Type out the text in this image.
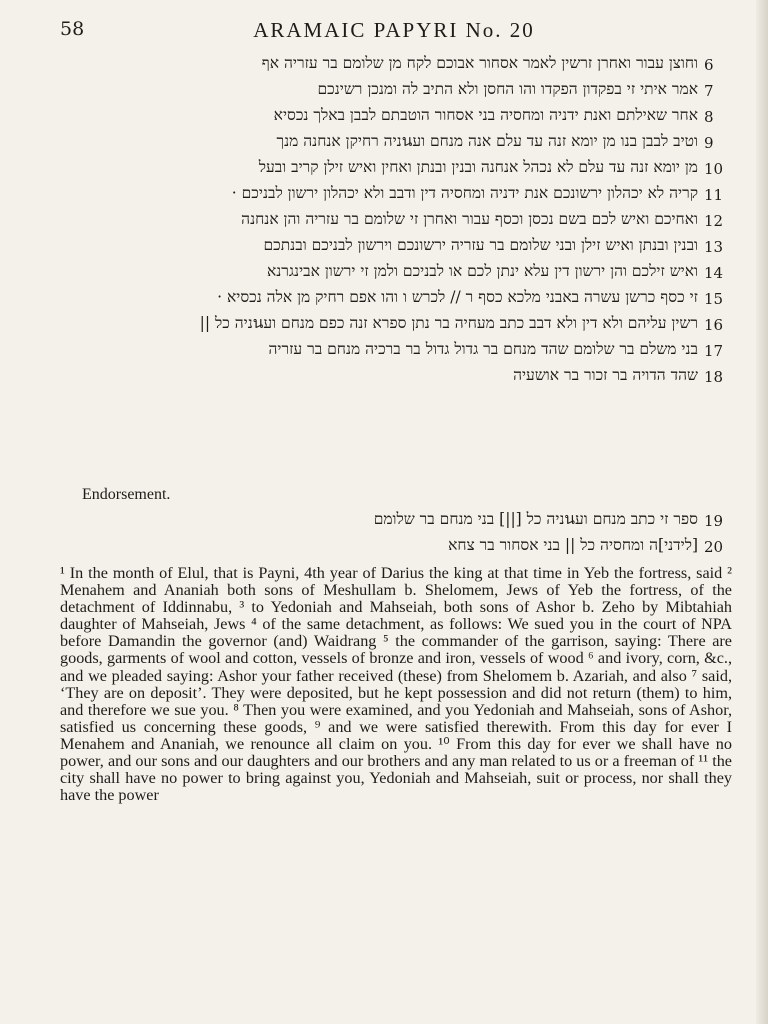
58	ARAMAIC PAPYRI No. 20
6
וחוצן עבור ואחרן זרשין לאמר אסחור אבוכם לקח מן שלומם בר עזריה אף
7
אמר איתי זי בפקדון הפקדו והו החסן ולא התיב לה ומנכן רשינכם
8
אחר שאילתם ואנת ידניה ומחסיה בני אסחור הוטבתם לבבן באלך נכסיא
9
וטיב לבבן בנו מן יומא זנה עד עלם אנה מנחם ועนניה רחיקן אנחנה מנך
10
מן יומא זנה עד עלם לא נכהל אנחנה ובנין ובנתן ואחין ואיש זילן קריב ובעל
11
קריה לא יכהלון ירשונכם אנת ידניה ומחסיה דין ודבב ולא יכהלון ירשון לבניכם ·
12
ואחיכם ואיש לכם בשם נכסן וכסף עבור ואחרן זי שלומם בר עזריה והן אנחנה
13
ובנין ובנתן ואיש זילן ובני שלומם בר עזריה ירשונכם וירשון לבניכם ובנתכם
14
ואיש זילכם והן ירשון דין עלא ינתן לכם או לבניכם ולמן זי ירשון אבינגרנא
15
זי כסף כרשן עשרה באבני מלכא כסף ר // לכרש ו והו אפם רחיק מן אלה נכסיא ·
16
רשין עליהם ולא דין ולא דבב כתב מעחיה בר נתן ספרא זנה כפם מנחם ועนניה כל ||
17
בני משלם בר שלומם שהד מנחם בר גדול גדול בר ברכיה מנחם בר עזריה
18
שהד הדויה בר זכור בר אושעיה
Endorsement.
19
ספר זי כתב מנחם ועนניה כל [||] בני מנחם בר שלומם
20
[לידני]ה ומחסיה כל || בני אסחור בר צחא
¹ In the month of Elul, that is Payni, 4th year of Darius the king at that time in Yeb the fortress, said ² Menahem and Ananiah both sons of Meshullam b. Shelomem, Jews of Yeb the fortress, of the detachment of Iddinnabu, ³ to Yedoniah and Mahseiah, both sons of Ashor b. Zeho by Mibtahiah daughter of Mahseiah, Jews ⁴ of the same detachment, as follows: We sued you in the court of NPA before Damandin the governor (and) Waidrang ⁵ the commander of the garrison, saying: There are goods, garments of wool and cotton, vessels of bronze and iron, vessels of wood ⁶ and ivory, corn, &c., and we pleaded saying: Ashor your father received (these) from Shelomem b. Azariah, and also ⁷ said, ‘They are on deposit’. They were deposited, but he kept possession and did not return (them) to him, and therefore we sue you. ⁸ Then you were examined, and you Yedoniah and Mahseiah, sons of Ashor, satisfied us concerning these goods, ⁹ and we were satisfied therewith. From this day for ever I Menahem and Ananiah, we renounce all claim on you. ¹⁰ From this day for ever we shall have no power, and our sons and our daughters and our brothers and any man related to us or a freeman of ¹¹ the city shall have no power to bring against you, Yedoniah and Mahseiah, suit or process, nor shall they have the power
